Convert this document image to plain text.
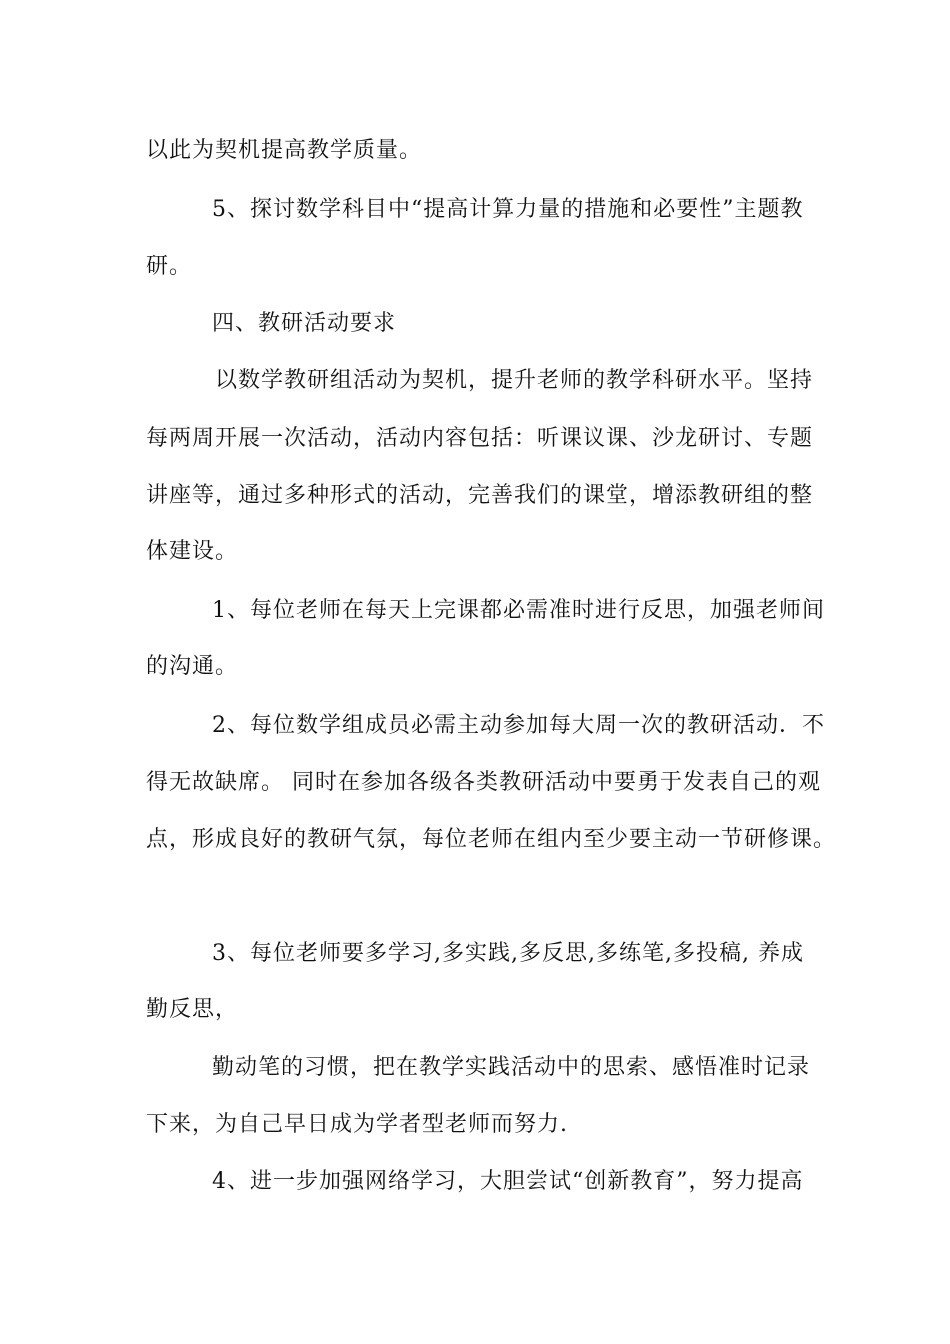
以此为契机提高教学质量。
5、探讨数学科目中“提高计算力量的措施和必要性”主题教
研。
四、教研活动要求
以数学教研组活动为契机，提升老师的教学科研水平。坚持
每两周开展一次活动，活动内容包括：听课议课、沙龙研讨、专题
讲座等，通过多种形式的活动，完善我们的课堂，增添教研组的整
体建设。
1、每位老师在每天上完课都必需准时进行反思，加强老师间
的沟通。
2、每位数学组成员必需主动参加每大周一次的教研活动．不
得无故缺席。 同时在参加各级各类教研活动中要勇于发表自己的观
点，形成良好的教研气氛，每位老师在组内至少要主动一节研修课。
3、每位老师要多学习,多实践,多反思,多练笔,多投稿, 养成
勤反思，
勤动笔的习惯，把在教学实践活动中的思索、感悟准时记录
下来，为自己早日成为学者型老师而努力.
4、进一步加强网络学习，大胆尝试“创新教育”，努力提高
